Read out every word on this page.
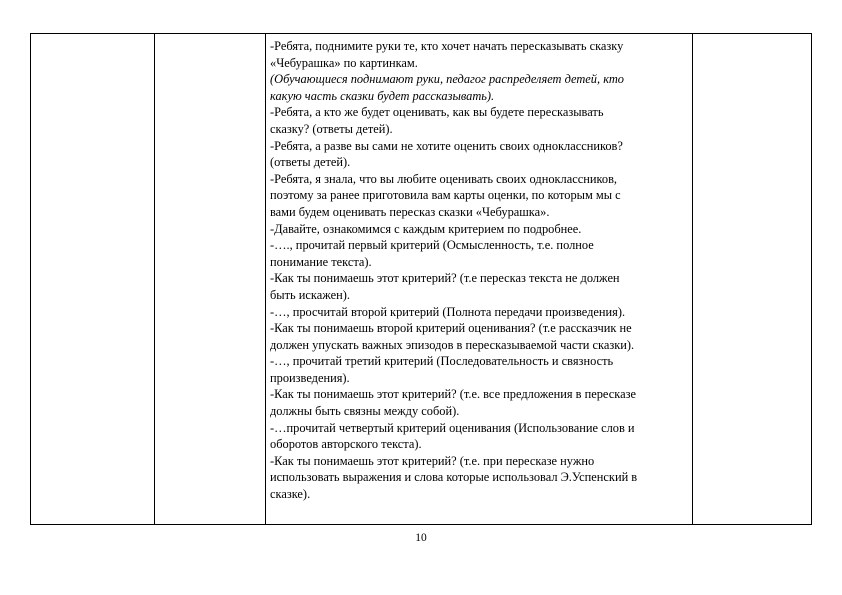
-Ребята, поднимите руки те, кто хочет начать пересказывать сказку
«Чебурашка» по картинкам.
(Обучающиеся поднимают руки, педагог распределяет детей, кто
какую часть сказки будет рассказывать).
-Ребята, а кто же будет оценивать, как вы будете пересказывать
сказку? (ответы детей).
-Ребята, а разве вы сами не хотите оценить своих одноклассников?
(ответы детей).
-Ребята, я знала, что вы любите оценивать своих одноклассников,
поэтому за ранее приготовила вам карты оценки, по которым мы с
вами будем оценивать пересказ сказки «Чебурашка».
-Давайте, ознакомимся с каждым критерием по подробнее.
-…., прочитай первый критерий (Осмысленность, т.е. полное
понимание текста).
-Как ты понимаешь этот критерий? (т.е пересказ текста не должен
быть искажен).
-…, просчитай второй критерий (Полнота передачи произведения).
-Как ты понимаешь второй критерий оценивания? (т.е рассказчик не
должен упускать важных эпизодов в пересказываемой части сказки).
-…, прочитай третий критерий (Последовательность и связность
произведения).
-Как ты понимаешь этот критерий? (т.е. все предложения в пересказе
должны быть связны между собой).
-…прочитай четвертый критерий оценивания (Использование слов и
оборотов авторского текста).
-Как ты понимаешь этот критерий? (т.е. при пересказе нужно
использовать выражения и слова которые использовал Э.Успенский в
сказке).
10
